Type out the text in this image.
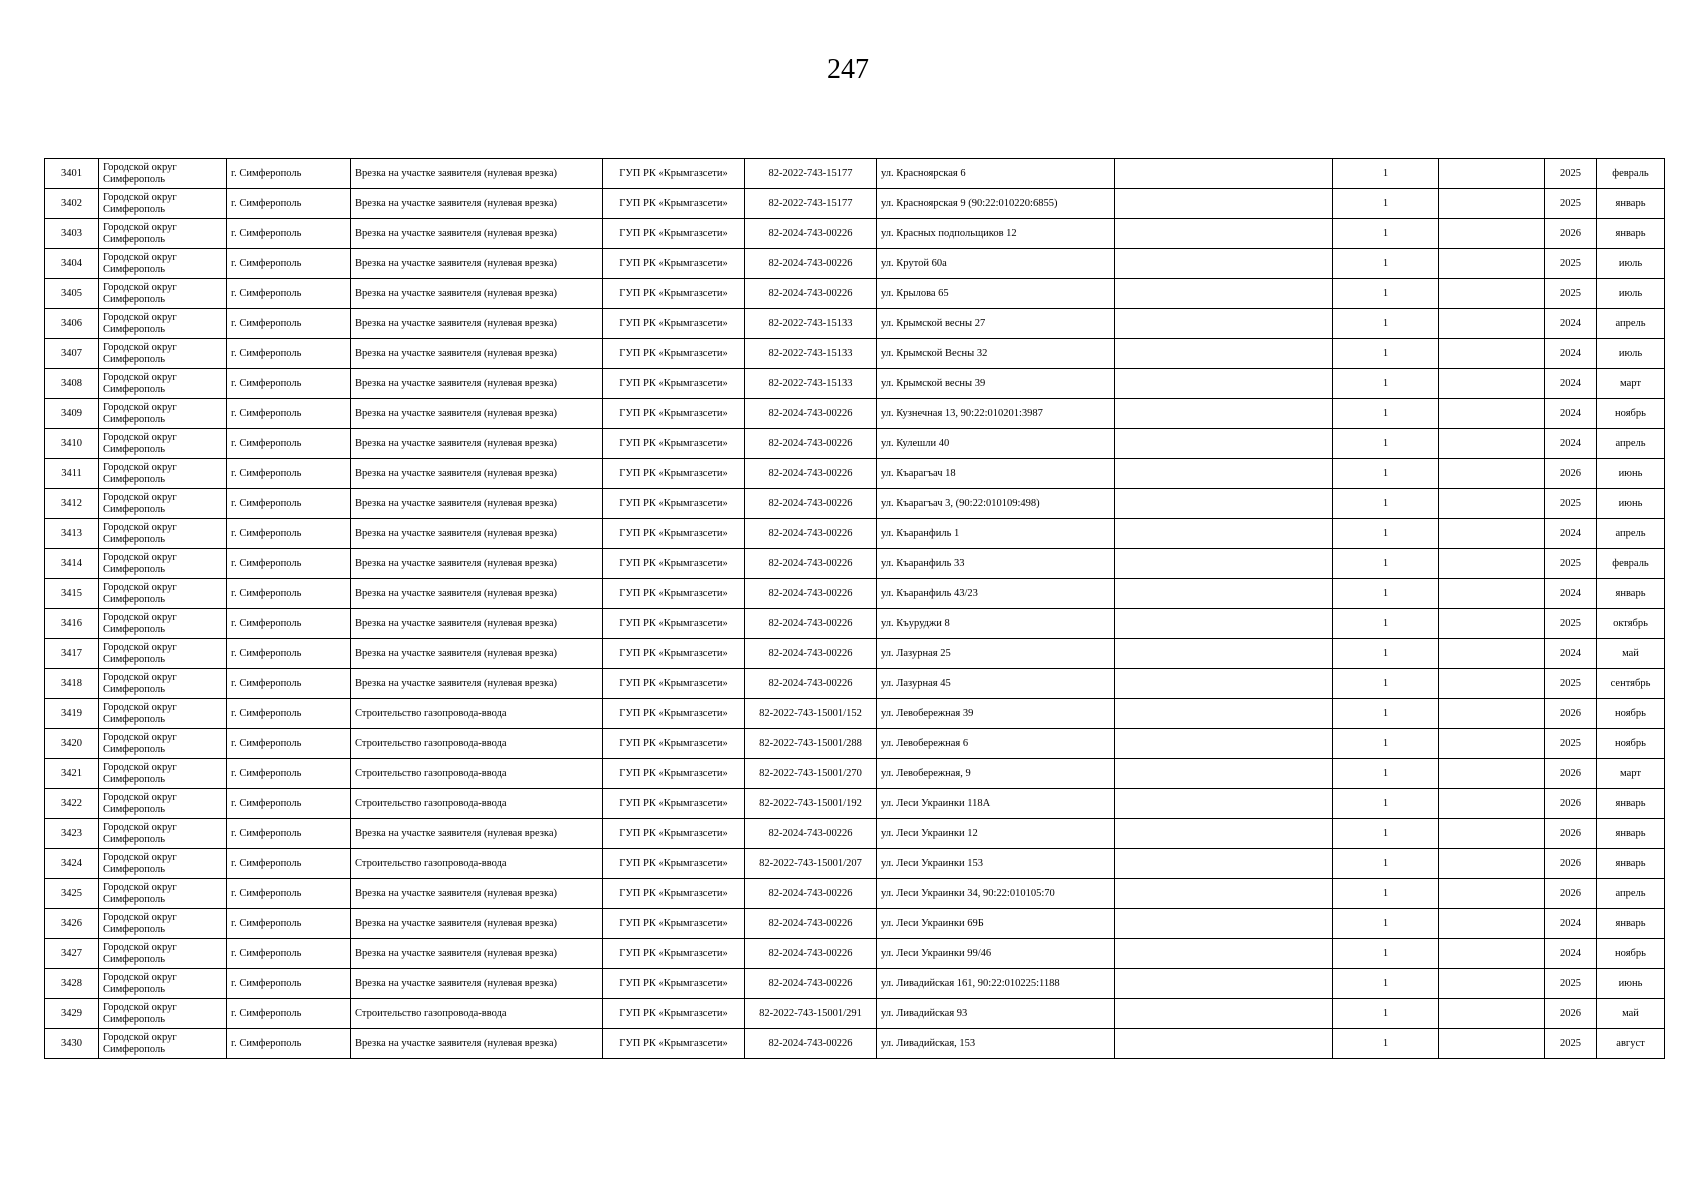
247
3401	Городской округ Симферополь	г. Симферополь	Врезка на участке заявителя (нулевая врезка)	ГУП РК «Крымгазсети»	82-2022-743-15177	ул. Красноярская 6		1		2025	февраль
3402	Городской округ Симферополь	г. Симферополь	Врезка на участке заявителя (нулевая врезка)	ГУП РК «Крымгазсети»	82-2022-743-15177	ул. Красноярская 9 (90:22:010220:6855)		1		2025	январь
3403	Городской округ Симферополь	г. Симферополь	Врезка на участке заявителя (нулевая врезка)	ГУП РК «Крымгазсети»	82-2024-743-00226	ул. Красных подпольщиков 12		1		2026	январь
3404	Городской округ Симферополь	г. Симферополь	Врезка на участке заявителя (нулевая врезка)	ГУП РК «Крымгазсети»	82-2024-743-00226	ул. Крутой 60а		1		2025	июль
3405	Городской округ Симферополь	г. Симферополь	Врезка на участке заявителя (нулевая врезка)	ГУП РК «Крымгазсети»	82-2024-743-00226	ул. Крылова 65		1		2025	июль
3406	Городской округ Симферополь	г. Симферополь	Врезка на участке заявителя (нулевая врезка)	ГУП РК «Крымгазсети»	82-2022-743-15133	ул. Крымской весны 27		1		2024	апрель
3407	Городской округ Симферополь	г. Симферополь	Врезка на участке заявителя (нулевая врезка)	ГУП РК «Крымгазсети»	82-2022-743-15133	ул. Крымской Весны 32		1		2024	июль
3408	Городской округ Симферополь	г. Симферополь	Врезка на участке заявителя (нулевая врезка)	ГУП РК «Крымгазсети»	82-2022-743-15133	ул. Крымской весны 39		1		2024	март
3409	Городской округ Симферополь	г. Симферополь	Врезка на участке заявителя (нулевая врезка)	ГУП РК «Крымгазсети»	82-2024-743-00226	ул. Кузнечная 13, 90:22:010201:3987		1		2024	ноябрь
3410	Городской округ Симферополь	г. Симферополь	Врезка на участке заявителя (нулевая врезка)	ГУП РК «Крымгазсети»	82-2024-743-00226	ул. Кулешли 40		1		2024	апрель
3411	Городской округ Симферополь	г. Симферополь	Врезка на участке заявителя (нулевая врезка)	ГУП РК «Крымгазсети»	82-2024-743-00226	ул. Къарагъач 18		1		2026	июнь
3412	Городской округ Симферополь	г. Симферополь	Врезка на участке заявителя (нулевая врезка)	ГУП РК «Крымгазсети»	82-2024-743-00226	ул. Къарагъач 3, (90:22:010109:498)		1		2025	июнь
3413	Городской округ Симферополь	г. Симферополь	Врезка на участке заявителя (нулевая врезка)	ГУП РК «Крымгазсети»	82-2024-743-00226	ул. Къаранфиль 1		1		2024	апрель
3414	Городской округ Симферополь	г. Симферополь	Врезка на участке заявителя (нулевая врезка)	ГУП РК «Крымгазсети»	82-2024-743-00226	ул. Къаранфиль 33		1		2025	февраль
3415	Городской округ Симферополь	г. Симферополь	Врезка на участке заявителя (нулевая врезка)	ГУП РК «Крымгазсети»	82-2024-743-00226	ул. Къаранфиль 43/23		1		2024	январь
3416	Городской округ Симферополь	г. Симферополь	Врезка на участке заявителя (нулевая врезка)	ГУП РК «Крымгазсети»	82-2024-743-00226	ул. Къуруджи 8		1		2025	октябрь
3417	Городской округ Симферополь	г. Симферополь	Врезка на участке заявителя (нулевая врезка)	ГУП РК «Крымгазсети»	82-2024-743-00226	ул. Лазурная 25		1		2024	май
3418	Городской округ Симферополь	г. Симферополь	Врезка на участке заявителя (нулевая врезка)	ГУП РК «Крымгазсети»	82-2024-743-00226	ул. Лазурная 45		1		2025	сентябрь
3419	Городской округ Симферополь	г. Симферополь	Строительство газопровода-ввода	ГУП РК «Крымгазсети»	82-2022-743-15001/152	ул. Левобережная 39		1		2026	ноябрь
3420	Городской округ Симферополь	г. Симферополь	Строительство газопровода-ввода	ГУП РК «Крымгазсети»	82-2022-743-15001/288	ул. Левобережная 6		1		2025	ноябрь
3421	Городской округ Симферополь	г. Симферополь	Строительство газопровода-ввода	ГУП РК «Крымгазсети»	82-2022-743-15001/270	ул. Левобережная, 9		1		2026	март
3422	Городской округ Симферополь	г. Симферополь	Строительство газопровода-ввода	ГУП РК «Крымгазсети»	82-2022-743-15001/192	ул. Леси Украинки 118А		1		2026	январь
3423	Городской округ Симферополь	г. Симферополь	Врезка на участке заявителя (нулевая врезка)	ГУП РК «Крымгазсети»	82-2024-743-00226	ул. Леси Украинки 12		1		2026	январь
3424	Городской округ Симферополь	г. Симферополь	Строительство газопровода-ввода	ГУП РК «Крымгазсети»	82-2022-743-15001/207	ул. Леси Украинки 153		1		2026	январь
3425	Городской округ Симферополь	г. Симферополь	Врезка на участке заявителя (нулевая врезка)	ГУП РК «Крымгазсети»	82-2024-743-00226	ул. Леси Украинки 34, 90:22:010105:70		1		2026	апрель
3426	Городской округ Симферополь	г. Симферополь	Врезка на участке заявителя (нулевая врезка)	ГУП РК «Крымгазсети»	82-2024-743-00226	ул. Леси Украинки 69Б		1		2024	январь
3427	Городской округ Симферополь	г. Симферополь	Врезка на участке заявителя (нулевая врезка)	ГУП РК «Крымгазсети»	82-2024-743-00226	ул. Леси Украинки 99/46		1		2024	ноябрь
3428	Городской округ Симферополь	г. Симферополь	Врезка на участке заявителя (нулевая врезка)	ГУП РК «Крымгазсети»	82-2024-743-00226	ул. Ливадийская 161, 90:22:010225:1188		1		2025	июнь
3429	Городской округ Симферополь	г. Симферополь	Строительство газопровода-ввода	ГУП РК «Крымгазсети»	82-2022-743-15001/291	ул. Ливадийская 93		1		2026	май
3430	Городской округ Симферополь	г. Симферополь	Врезка на участке заявителя (нулевая врезка)	ГУП РК «Крымгазсети»	82-2024-743-00226	ул. Ливадийская, 153		1		2025	август
